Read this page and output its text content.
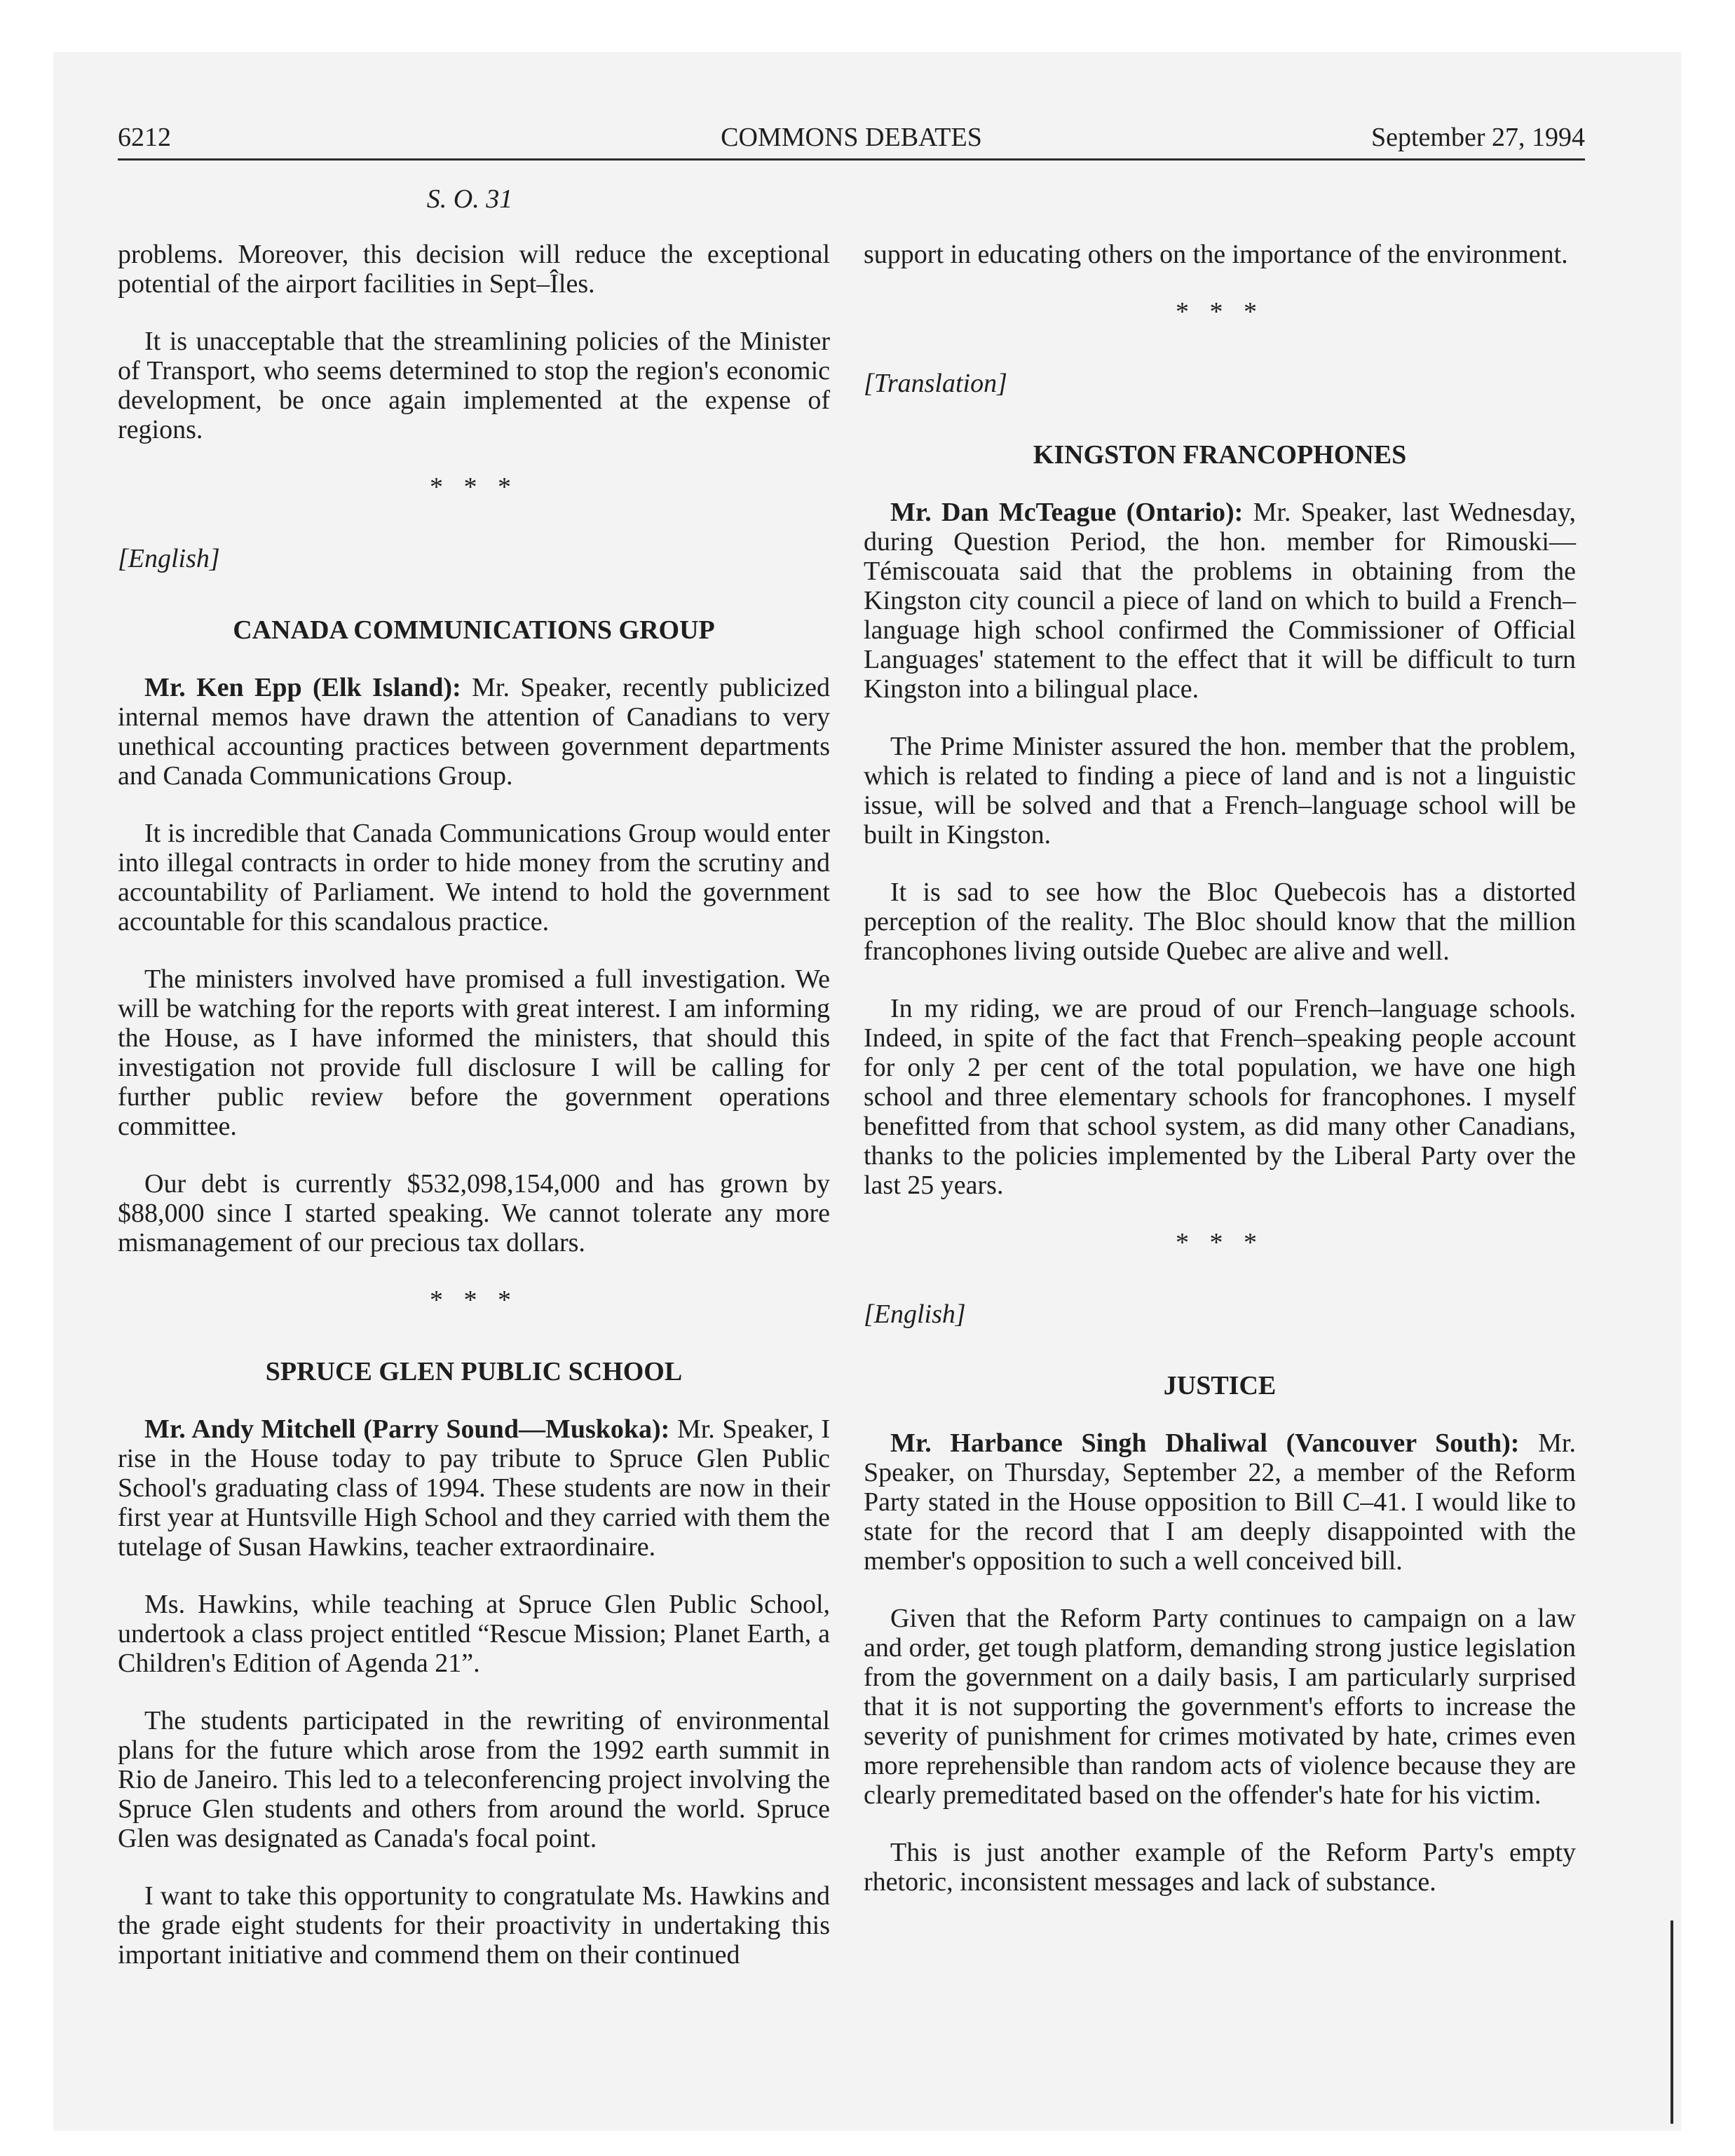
6212	COMMONS DEBATES	September 27, 1994
S. O. 31

problems. Moreover, this decision will reduce the exceptional potential of the airport facilities in Sept–Îles.

It is unacceptable that the streamlining policies of the Minister of Transport, who seems determined to stop the region's economic development, be once again implemented at the expense of regions.

* * *
[English]
CANADA COMMUNICATIONS GROUP

Mr. Ken Epp (Elk Island): Mr. Speaker, recently publicized internal memos have drawn the attention of Canadians to very unethical accounting practices between government departments and Canada Communications Group.

It is incredible that Canada Communications Group would enter into illegal contracts in order to hide money from the scrutiny and accountability of Parliament. We intend to hold the government accountable for this scandalous practice.

The ministers involved have promised a full investigation. We will be watching for the reports with great interest. I am informing the House, as I have informed the ministers, that should this investigation not provide full disclosure I will be calling for further public review before the government operations committee.

Our debt is currently $532,098,154,000 and has grown by $88,000 since I started speaking. We cannot tolerate any more mismanagement of our precious tax dollars.

* * *
SPRUCE GLEN PUBLIC SCHOOL

Mr. Andy Mitchell (Parry Sound—Muskoka): Mr. Speaker, I rise in the House today to pay tribute to Spruce Glen Public School's graduating class of 1994. These students are now in their first year at Huntsville High School and they carried with them the tutelage of Susan Hawkins, teacher extraordinaire.

Ms. Hawkins, while teaching at Spruce Glen Public School, undertook a class project entitled “Rescue Mission; Planet Earth, a Children's Edition of Agenda 21”.

The students participated in the rewriting of environmental plans for the future which arose from the 1992 earth summit in Rio de Janeiro. This led to a teleconferencing project involving the Spruce Glen students and others from around the world. Spruce Glen was designated as Canada's focal point.

I want to take this opportunity to congratulate Ms. Hawkins and the grade eight students for their proactivity in undertaking this important initiative and commend them on their continued

support in educating others on the importance of the environment.

* * *
[Translation]
KINGSTON FRANCOPHONES

Mr. Dan McTeague (Ontario): Mr. Speaker, last Wednesday, during Question Period, the hon. member for Rimouski—Témiscouata said that the problems in obtaining from the Kingston city council a piece of land on which to build a French–language high school confirmed the Commissioner of Official Languages' statement to the effect that it will be difficult to turn Kingston into a bilingual place.

The Prime Minister assured the hon. member that the problem, which is related to finding a piece of land and is not a linguistic issue, will be solved and that a French–language school will be built in Kingston.

It is sad to see how the Bloc Quebecois has a distorted perception of the reality. The Bloc should know that the million francophones living outside Quebec are alive and well.

In my riding, we are proud of our French–language schools. Indeed, in spite of the fact that French–speaking people account for only 2 per cent of the total population, we have one high school and three elementary schools for francophones. I myself benefitted from that school system, as did many other Canadians, thanks to the policies implemented by the Liberal Party over the last 25 years.

* * *
[English]
JUSTICE

Mr. Harbance Singh Dhaliwal (Vancouver South): Mr. Speaker, on Thursday, September 22, a member of the Reform Party stated in the House opposition to Bill C–41. I would like to state for the record that I am deeply disappointed with the member's opposition to such a well conceived bill.

Given that the Reform Party continues to campaign on a law and order, get tough platform, demanding strong justice legislation from the government on a daily basis, I am particularly surprised that it is not supporting the government's efforts to increase the severity of punishment for crimes motivated by hate, crimes even more reprehensible than random acts of violence because they are clearly premeditated based on the offender's hate for his victim.

This is just another example of the Reform Party's empty rhetoric, inconsistent messages and lack of substance.
